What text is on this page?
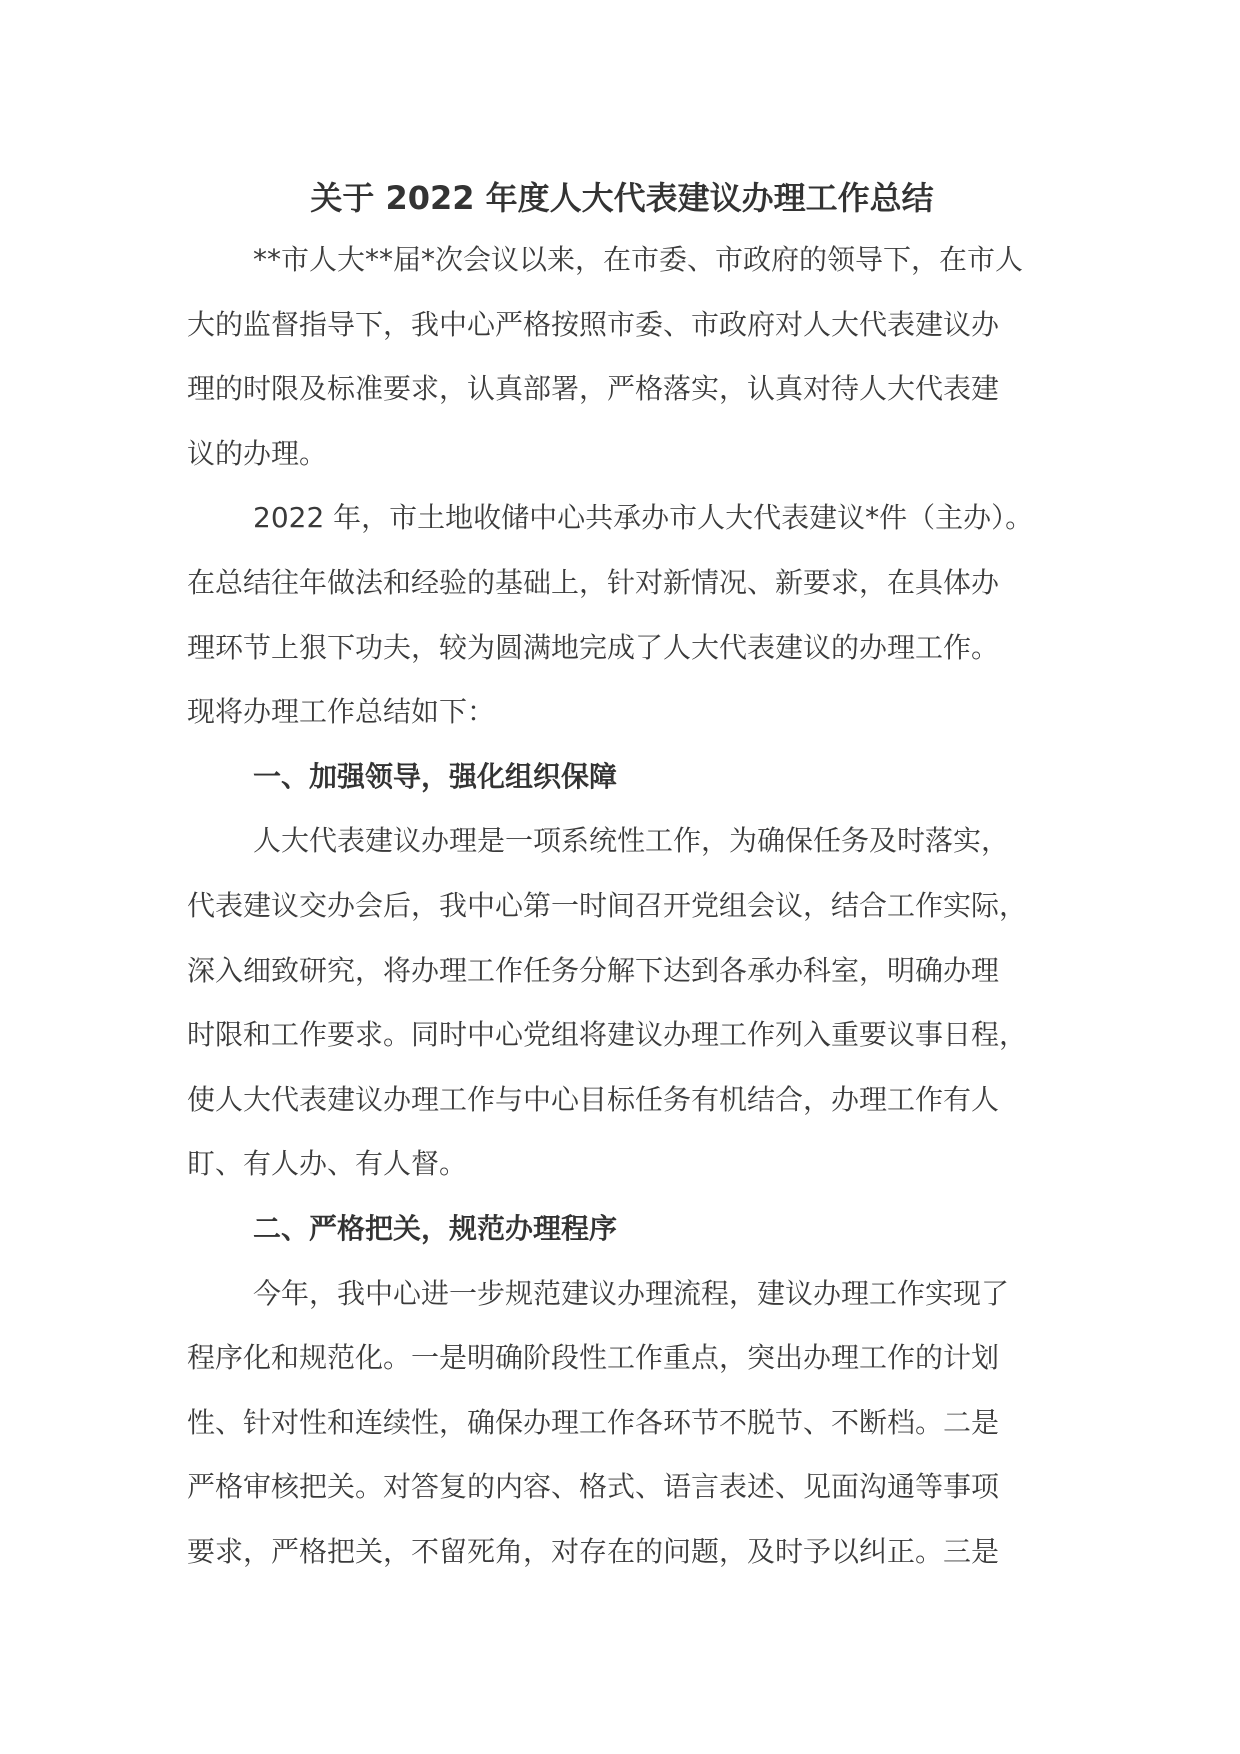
关于 2022 年度人大代表建议办理工作总结

**市人大**届*次会议以来，在市委、市政府的领导下，在市人
大的监督指导下，我中心严格按照市委、市政府对人大代表建议办
理的时限及标准要求，认真部署，严格落实，认真对待人大代表建
议的办理。

2022 年，市土地收储中心共承办市人大代表建议*件（主办）。
在总结往年做法和经验的基础上，针对新情况、新要求，在具体办
理环节上狠下功夫，较为圆满地完成了人大代表建议的办理工作。
现将办理工作总结如下：

一、加强领导，强化组织保障

人大代表建议办理是一项系统性工作，为确保任务及时落实，
代表建议交办会后，我中心第一时间召开党组会议，结合工作实际，
深入细致研究，将办理工作任务分解下达到各承办科室，明确办理
时限和工作要求。同时中心党组将建议办理工作列入重要议事日程，
使人大代表建议办理工作与中心目标任务有机结合，办理工作有人
盯、有人办、有人督。

二、严格把关，规范办理程序

今年，我中心进一步规范建议办理流程，建议办理工作实现了
程序化和规范化。一是明确阶段性工作重点，突出办理工作的计划
性、针对性和连续性，确保办理工作各环节不脱节、不断档。二是
严格审核把关。对答复的内容、格式、语言表述、见面沟通等事项
要求，严格把关，不留死角，对存在的问题，及时予以纠正。三是
